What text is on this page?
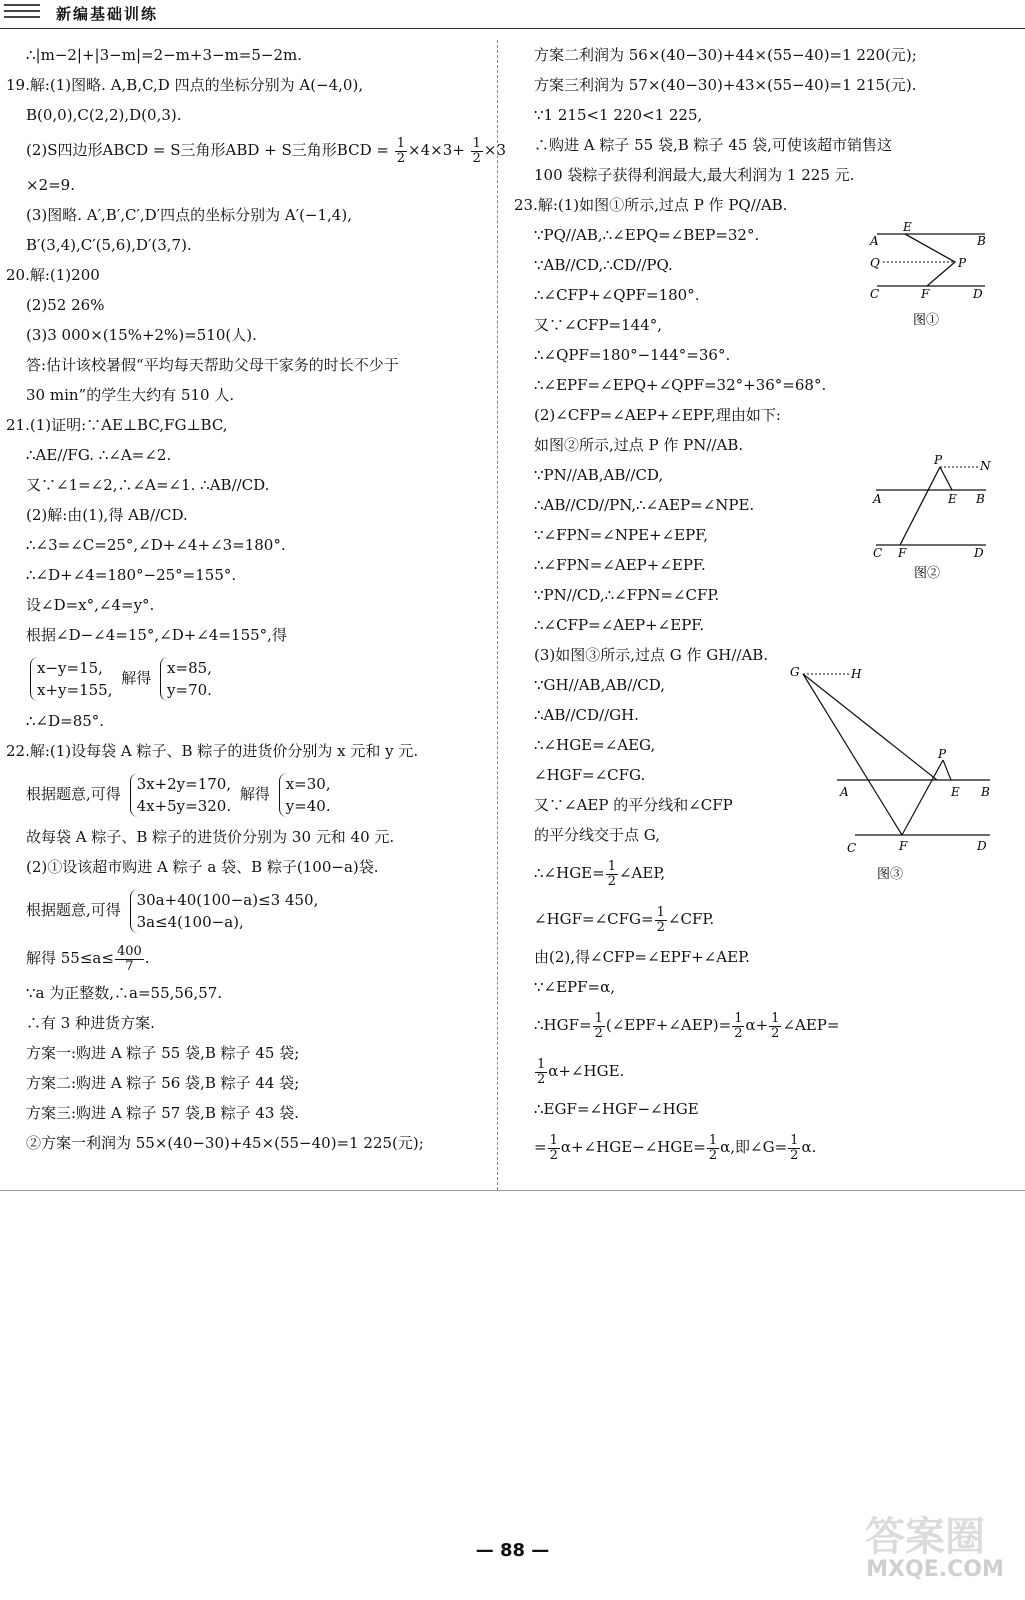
新编基础训练
∴|m−2|+|3−m|=2−m+3−m=5−2m.
19.解:(1)图略. A,B,C,D 四点的坐标分别为 A(−4,0),
B(0,0),C(2,2),D(0,3).
(2)S四边形ABCD = S三角形ABD + S三角形BCD = $\frac{1}{2} \times 4\times 3+ \frac{1}{2} \times 3$
×2=9.
(3)图略. A′,B′,C′,D′四点的坐标分别为 A′(−1,4),
B′(3,4),C′(5,6),D′(3,7).
20.解:(1)200
(2)52 26%
(3)3 000×(15%+2%)=510(人).
答:估计该校暑假“平均每天帮助父母干家务的时长不少于
30 min”的学生大约有 510 人.
21.(1)证明:∵AE⊥BC,FG⊥BC,
∴AE//FG. ∴∠A=∠2.
又∵∠1=∠2,∴∠A=∠1. ∴AB//CD.
(2)解:由(1),得 AB//CD.
∴∠3=∠C=25°,∠D+∠4+∠3=180°.
∴∠D+∠4=180°−25°=155°.
设∠D=x°,∠4=y°.
根据∠D−∠4=15°,∠D+∠4=155°,得
x−y=15,
x+y=155,
解得
x=85,
y=70.
∴∠D=85°.
22.解:(1)设每袋 A 粽子、B 粽子的进货价分别为 x 元和 y 元.
根据题意,可得
3x+2y=170,
4x+5y=320.
解得
x=30,
y=40.
故每袋 A 粽子、B 粽子的进货价分别为 30 元和 40 元.
(2)①设该超市购进 A 粽子 a 袋、B 粽子(100−a)袋.
根据题意,可得
30a+40(100−a)≤3 450,
3a≤4(100−a),
解得 $55\le a\le \frac{400}{7}$ .
∵a 为正整数,∴a=55,56,57.
∴有 3 种进货方案.
方案一:购进 A 粽子 55 袋,B 粽子 45 袋;
方案二:购进 A 粽子 56 袋,B 粽子 44 袋;
方案三:购进 A 粽子 57 袋,B 粽子 43 袋.
②方案一利润为 55×(40−30)+45×(55−40)=1 225(元);
方案二利润为 56×(40−30)+44×(55−40)=1 220(元);
方案三利润为 57×(40−30)+43×(55−40)=1 215(元).
∵1 215<1 220<1 225,
∴购进 A 粽子 55 袋,B 粽子 45 袋,可使该超市销售这
100 袋粽子获得利润最大,最大利润为 1 225 元.
23.解:(1)如图①所示,过点 P 作 PQ//AB.
∵PQ//AB,∴∠EPQ=∠BEP=32°.
∵AB//CD,∴CD//PQ.
∴∠CFP+∠QPF=180°.
又∵∠CFP=144°,
∴∠QPF=180°−144°=36°.
∴∠EPF=∠EPQ+∠QPF=32°+36°=68°.
(2)∠CFP=∠AEP+∠EPF,理由如下:
如图②所示,过点 P 作 PN//AB.
∵PN//AB,AB//CD,
∴AB//CD//PN,∴∠AEP=∠NPE.
∵∠FPN=∠NPE+∠EPF,
∴∠FPN=∠AEP+∠EPF.
∵PN//CD,∴∠FPN=∠CFP.
∴∠CFP=∠AEP+∠EPF.
(3)如图③所示,过点 G 作 GH//AB.
∵GH//AB,AB//CD,
∴AB//CD//GH.
∴∠HGE=∠AEG,
∠HGF=∠CFG.
又∵∠AEP 的平分线和∠CFP
的平分线交于点 G,
∴∠HGE= $\frac{1}{2}$ ∠AEP,
∠HGF=∠CFG= $\frac{1}{2}$ ∠CFP.
由(2),得∠CFP=∠EPF+∠AEP.
∵∠EPF=α,
∴HGF= $\frac{1}{2}$ (∠EPF+∠AEP)= $\frac{1}{2} \alpha+ \frac{1}{2}$ ∠AEP=
$\frac{1}{2}$ α+∠HGE.
∴EGF=∠HGF−∠HGE
= $\frac{1}{2}$ α+∠HGE−∠HGE= $\frac{1}{2} \alpha$,即∠G= $\frac{1}{2} \alpha$.
E
A	B
Q	P
C	F	D
图①
P	N
A	E B
C F	D
图②
G	H
P
A	E B
C	F	D
图③
— 88 —	答案圈
MXQE.COM
